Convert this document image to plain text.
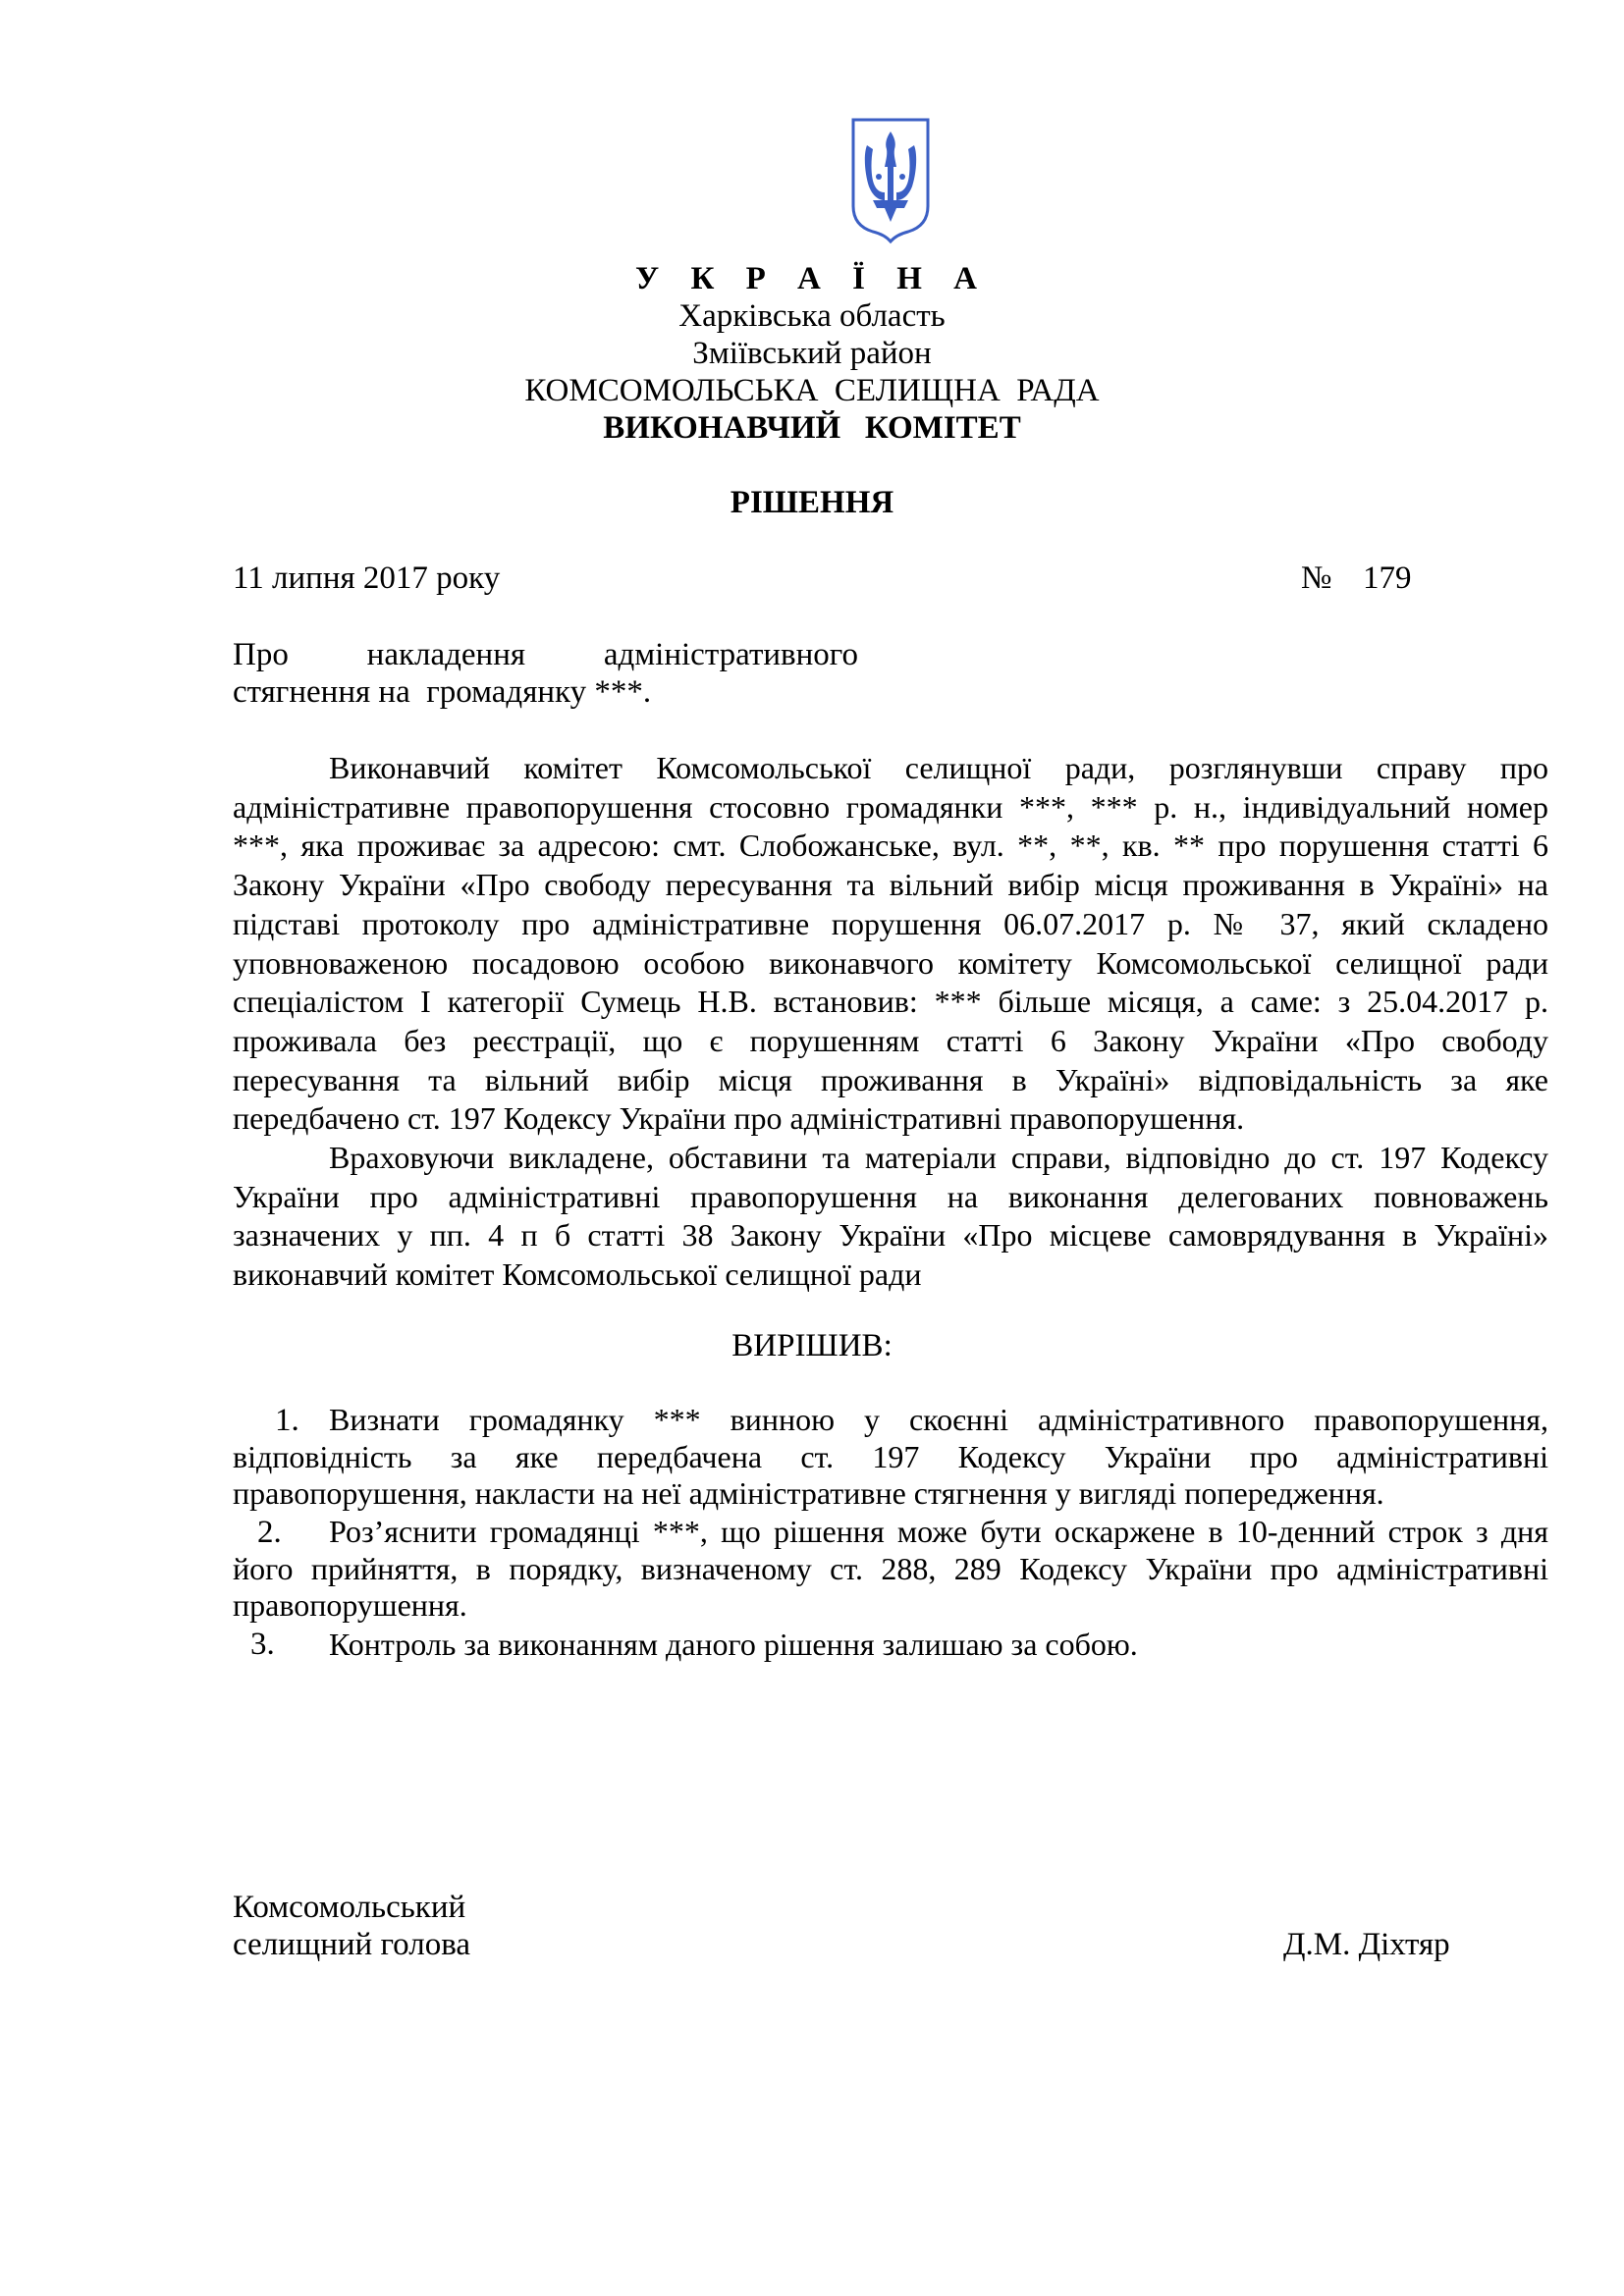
У К Р А Ї Н А
Харківська область
Зміївський район
КОМСОМОЛЬСЬКА  СЕЛИЩНА  РАДА
ВИКОНАВЧИЙ   КОМІТЕТ
РІШЕННЯ
11 липня 2017 року	№ 179
Про накладення адміністративного
стягнення на  громадянку ***.
Виконавчий комітет Комсомольської селищної ради, розглянувши справу про
адміністративне правопорушення стосовно громадянки ***, *** р. н., індивідуальний номер
***, яка проживає за адресою: смт. Слобожанське, вул. **, **, кв. ** про порушення статті 6
Закону України «Про свободу пересування та вільний вибір місця проживання в Україні» на
підставі протоколу про адміністративне порушення 06.07.2017 р. № 37, який складено
уповноваженою посадовою особою виконавчого комітету Комсомольської селищної ради
спеціалістом І категорії Сумець Н.В. встановив: *** більше місяця, а саме: з 25.04.2017 р.
проживала без реєстрації, що є порушенням статті 6 Закону України «Про свободу
пересування та вільний вибір місця проживання в Україні» відповідальність за яке
передбачено ст. 197 Кодексу України про адміністративні правопорушення.
Враховуючи викладене, обставини та матеріали справи, відповідно до ст. 197 Кодексу
України про адміністративні правопорушення на виконання делегованих повноважень
зазначених у пп. 4 п б статті 38 Закону України «Про місцеве самоврядування в Україні»
виконавчий комітет Комсомольської селищної ради
ВИРІШИВ:
1. Визнати громадянку *** винною у скоєнні адміністративного правопорушення,
відповідність за яке передбачена ст. 197 Кодексу України про адміністративні
правопорушення, накласти на неї адміністративне стягнення у вигляді попередження.
2.	Роз’яснити громадянці ***, що рішення може бути оскаржене в 10-денний строк з дня
його прийняття, в порядку, визначеному ст. 288, 289 Кодексу України про адміністративні
правопорушення.
3. Контроль за виконанням даного рішення залишаю за собою.
Комсомольський
селищний голова	Д.М. Діхтяр
